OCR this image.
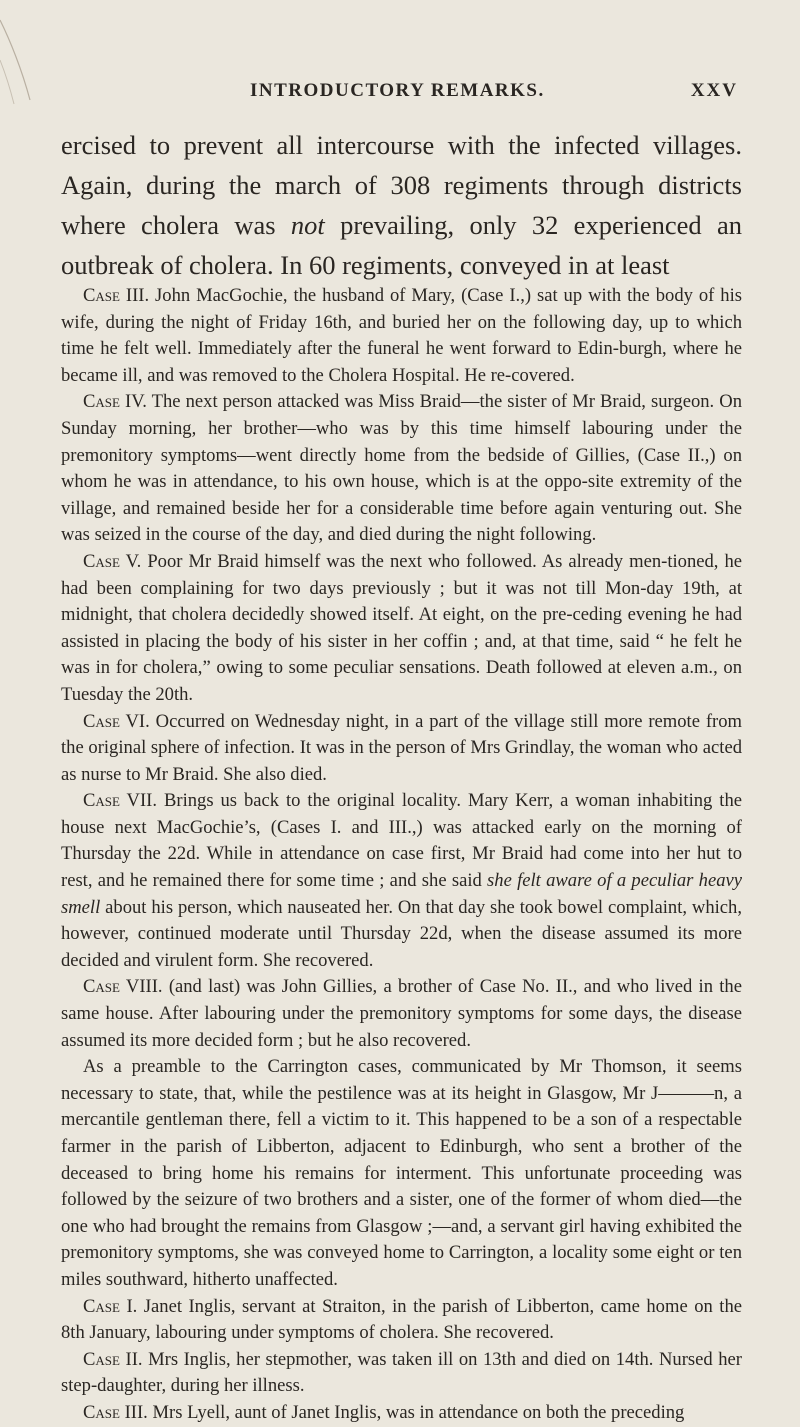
INTRODUCTORY REMARKS.	XXV

ercised to prevent all intercourse with the infected villages. Again, during the march of 308 regiments through districts where cholera was not prevailing, only 32 experienced an outbreak of cholera. In 60 regiments, conveyed in at least

Case III. John MacGochie, the husband of Mary, (Case I.,) sat up with the body of his wife, during the night of Friday 16th, and buried her on the following day, up to which time he felt well. Immediately after the funeral he went forward to Edin-burgh, where he became ill, and was removed to the Cholera Hospital. He re-covered.

Case IV. The next person attacked was Miss Braid—the sister of Mr Braid, surgeon. On Sunday morning, her brother—who was by this time himself labouring under the premonitory symptoms—went directly home from the bedside of Gillies, (Case II.,) on whom he was in attendance, to his own house, which is at the oppo-site extremity of the village, and remained beside her for a considerable time before again venturing out. She was seized in the course of the day, and died during the night following.

Case V. Poor Mr Braid himself was the next who followed. As already men-tioned, he had been complaining for two days previously ; but it was not till Mon-day 19th, at midnight, that cholera decidedly showed itself. At eight, on the pre-ceding evening he had assisted in placing the body of his sister in her coffin ; and, at that time, said “ he felt he was in for cholera,” owing to some peculiar sensations. Death followed at eleven a.m., on Tuesday the 20th.

Case VI. Occurred on Wednesday night, in a part of the village still more remote from the original sphere of infection. It was in the person of Mrs Grindlay, the woman who acted as nurse to Mr Braid. She also died.

Case VII. Brings us back to the original locality. Mary Kerr, a woman inhabiting the house next MacGochie’s, (Cases I. and III.,) was attacked early on the morning of Thursday the 22d. While in attendance on case first, Mr Braid had come into her hut to rest, and he remained there for some time ; and she said she felt aware of a peculiar heavy smell about his person, which nauseated her. On that day she took bowel complaint, which, however, continued moderate until Thursday 22d, when the disease assumed its more decided and virulent form. She recovered.

Case VIII. (and last) was John Gillies, a brother of Case No. II., and who lived in the same house. After labouring under the premonitory symptoms for some days, the disease assumed its more decided form ; but he also recovered.

As a preamble to the Carrington cases, communicated by Mr Thomson, it seems necessary to state, that, while the pestilence was at its height in Glasgow, Mr J———n, a mercantile gentleman there, fell a victim to it. This happened to be a son of a respectable farmer in the parish of Libberton, adjacent to Edinburgh, who sent a brother of the deceased to bring home his remains for interment. This unfortunate proceeding was followed by the seizure of two brothers and a sister, one of the former of whom died—the one who had brought the remains from Glasgow ;—and, a servant girl having exhibited the premonitory symptoms, she was conveyed home to Carrington, a locality some eight or ten miles southward, hitherto unaffected.

Case I. Janet Inglis, servant at Straiton, in the parish of Libberton, came home on the 8th January, labouring under symptoms of cholera. She recovered.

Case II. Mrs Inglis, her stepmother, was taken ill on 13th and died on 14th. Nursed her step-daughter, during her illness.

Case III. Mrs Lyell, aunt of Janet Inglis, was in attendance on both the preceding
